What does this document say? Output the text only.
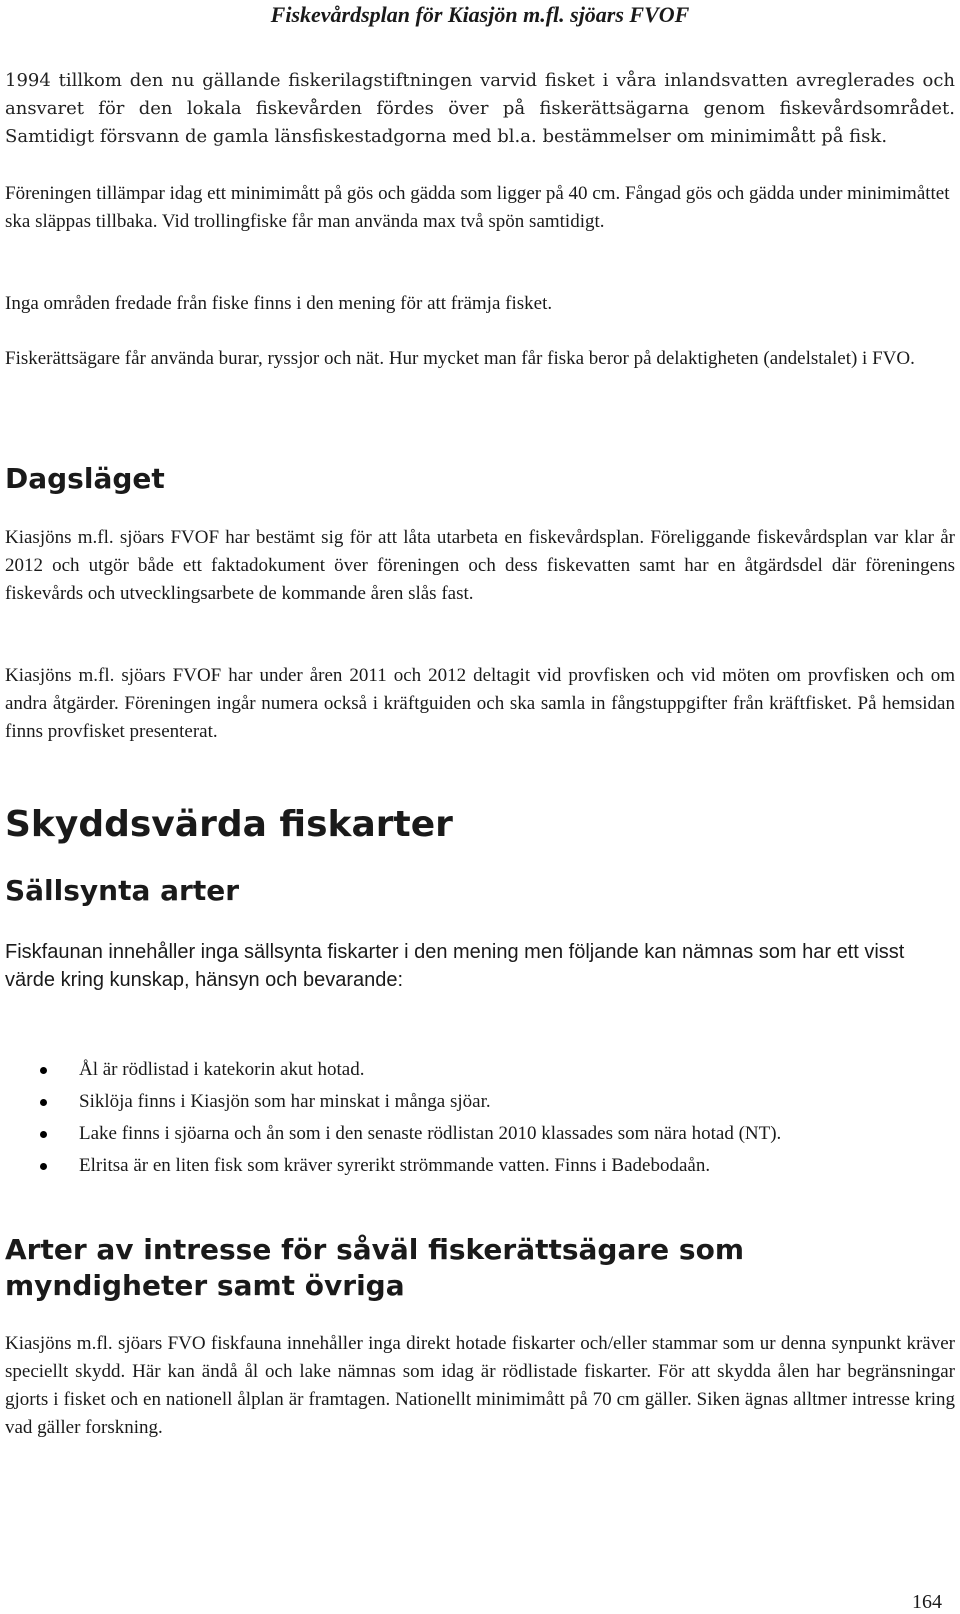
Fiskevårdsplan för Kiasjön m.fl. sjöars FVOF

1994 tillkom den nu gällande fiskerilagstiftningen varvid fisket i våra inlandsvatten avreglerades och ansvaret för den lokala fiskevården fördes över på fiskerättsägarna genom fiskevårdsområdet. Samtidigt försvann de gamla länsfiskestadgorna med bl.a. bestämmelser om minimimått på fisk.

Föreningen tillämpar idag ett minimimått på gös och gädda som ligger på 40 cm. Fångad gös och gädda under minimimåttet ska släppas tillbaka. Vid trollingfiske får man använda max två spön samtidigt.

Inga områden fredade från fiske finns i den mening för att främja fisket.

Fiskerättsägare får använda burar, ryssjor och nät. Hur mycket man får fiska beror på delaktigheten (andelstalet) i FVO.

Dagsläget

Kiasjöns m.fl. sjöars FVOF har bestämt sig för att låta utarbeta en fiskevårdsplan. Föreliggande fiskevårdsplan var klar år 2012 och utgör både ett faktadokument över föreningen och dess fiskevatten samt har en åtgärdsdel där föreningens fiskevårds och utvecklingsarbete de kommande åren slås fast.

Kiasjöns m.fl. sjöars FVOF har under åren 2011 och 2012 deltagit vid provfisken och vid möten om provfisken och om andra åtgärder. Föreningen ingår numera också i kräftguiden och ska samla in fångstuppgifter från kräftfisket. På hemsidan finns provfisket presenterat.

Skyddsvärda fiskarter
Sällsynta arter

Fiskfaunan innehåller inga sällsynta fiskarter i den mening men följande kan nämnas som har ett visst värde kring kunskap, hänsyn och bevarande:

Ål är rödlistad i katekorin akut hotad.
Siklöja finns i Kiasjön som har minskat i många sjöar.
Lake finns i sjöarna och ån som i den senaste rödlistan 2010 klassades som nära hotad (NT).
Elritsa är en liten fisk som kräver syrerikt strömmande vatten. Finns i Badebodaån.
Arter av intresse för såväl fiskerättsägare som myndigheter samt övriga

Kiasjöns m.fl. sjöars FVO fiskfauna innehåller inga direkt hotade fiskarter och/eller stammar som ur denna synpunkt kräver speciellt skydd. Här kan ändå ål och lake nämnas som idag är rödlistade fiskarter. För att skydda ålen har begränsningar gjorts i fisket och en nationell ålplan är framtagen. Nationellt minimimått på 70 cm gäller. Siken ägnas alltmer intresse kring vad gäller forskning.

164
